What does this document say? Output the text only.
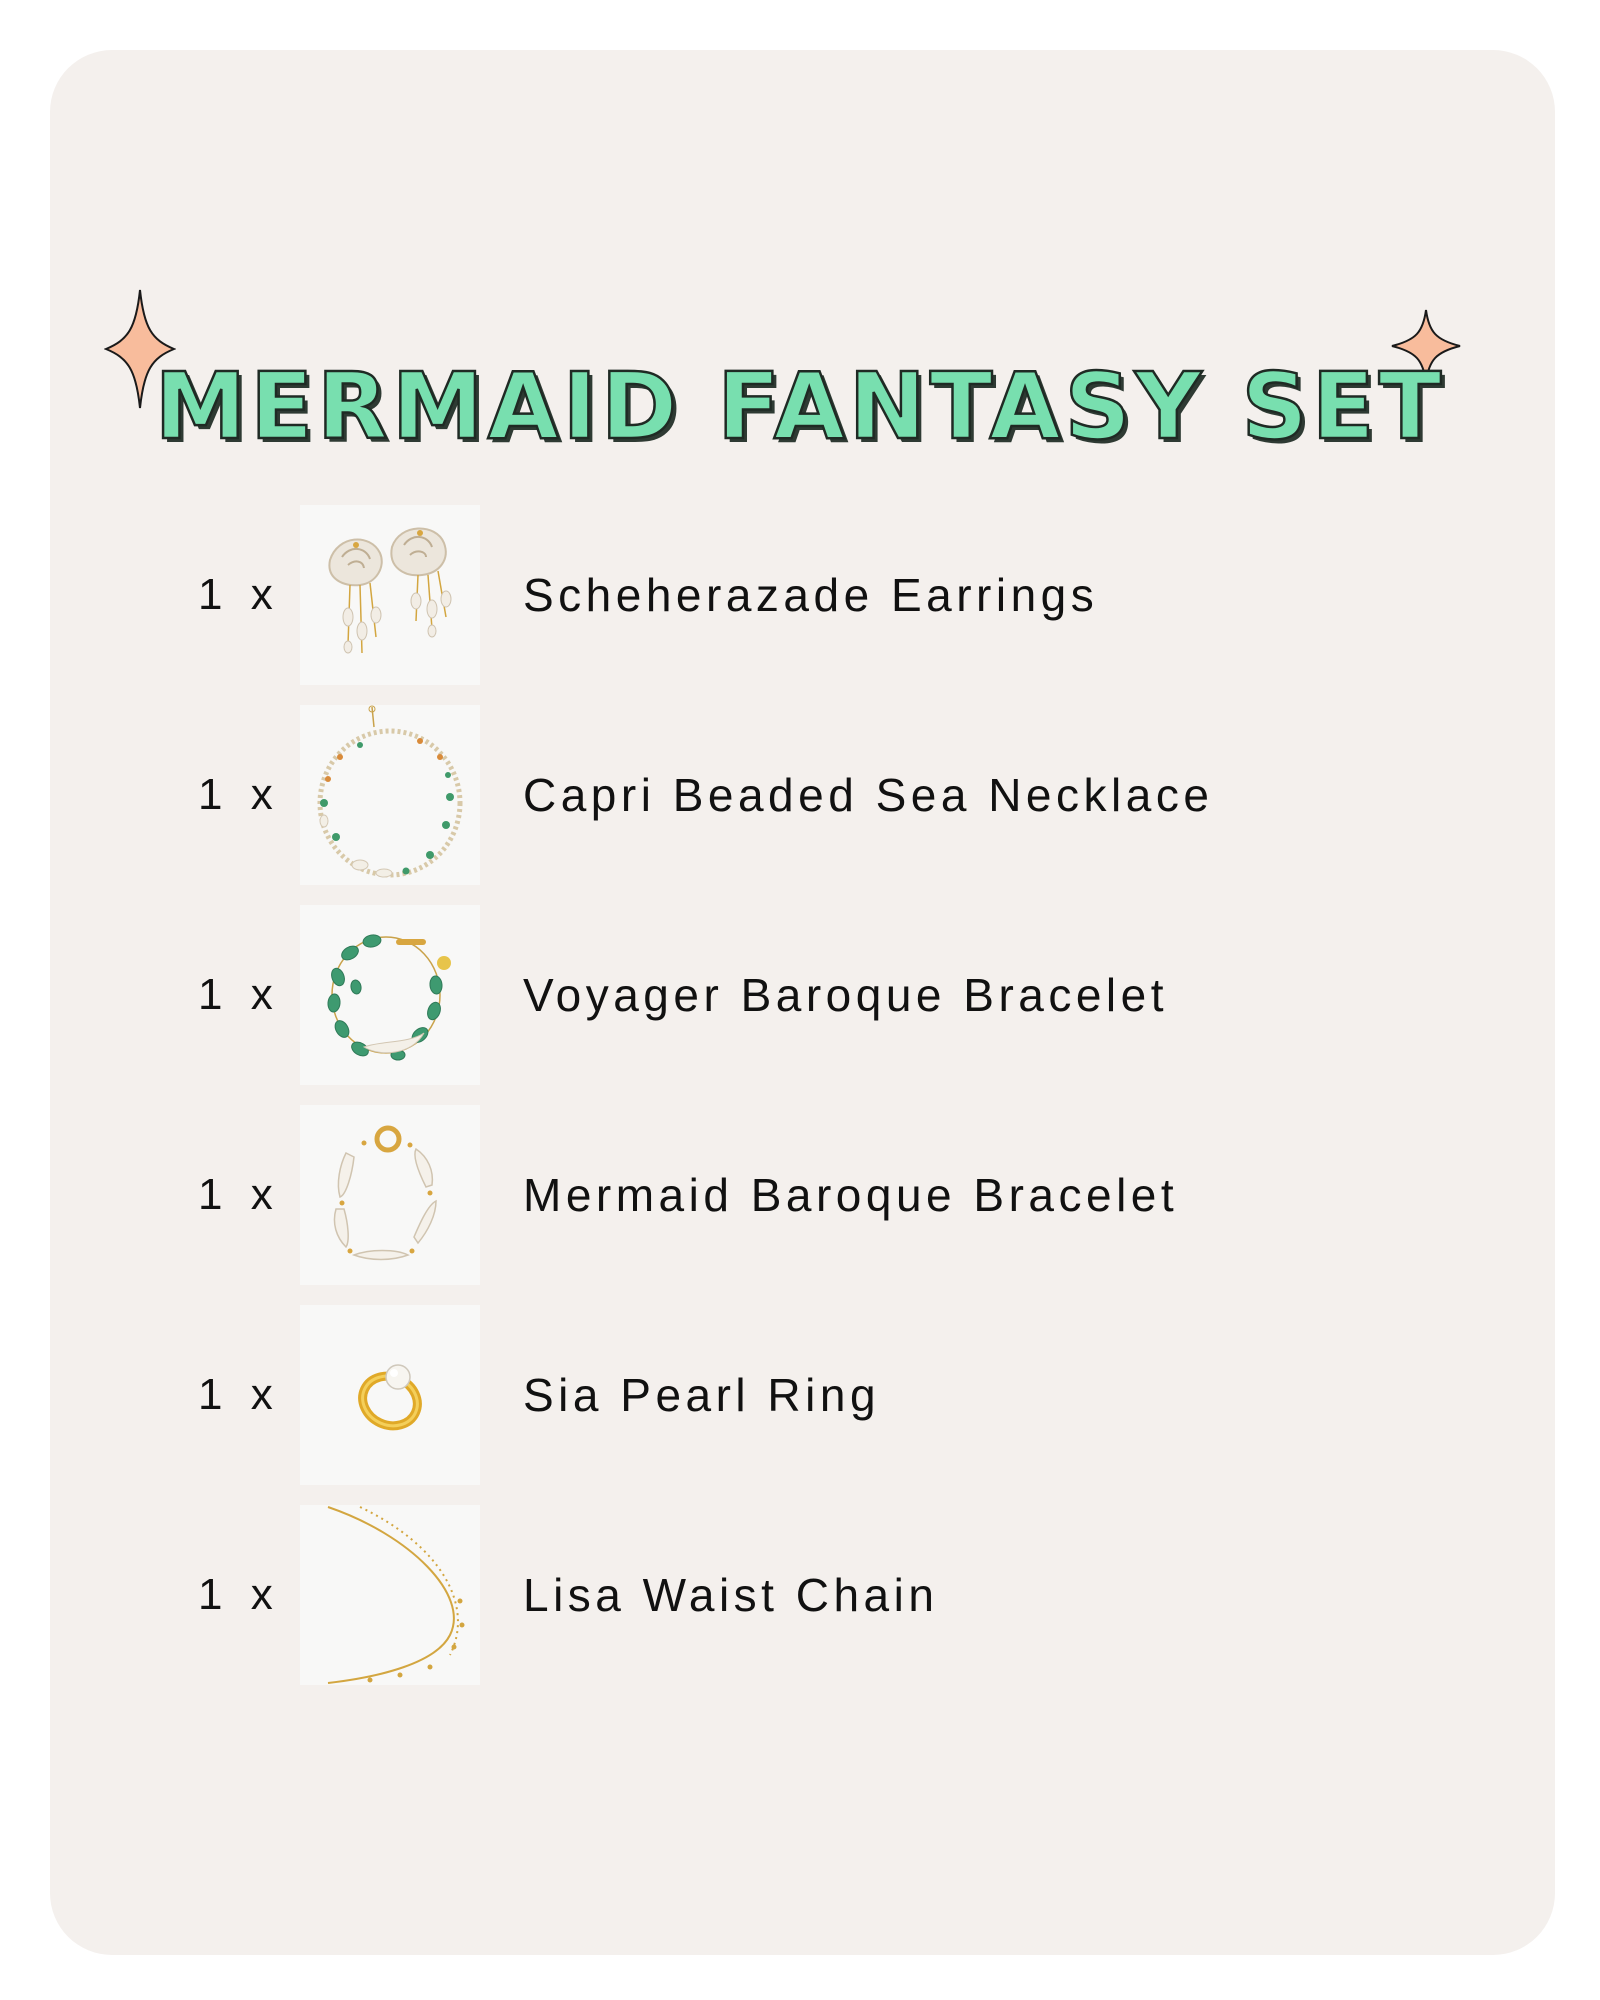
MERMAID FANTASY SET
1 x	Scheherazade Earrings
1 x	Capri Beaded Sea Necklace
1 x	Voyager Baroque Bracelet
1 x	Mermaid Baroque Bracelet
1 x	Sia Pearl Ring
1 x	Lisa Waist Chain
